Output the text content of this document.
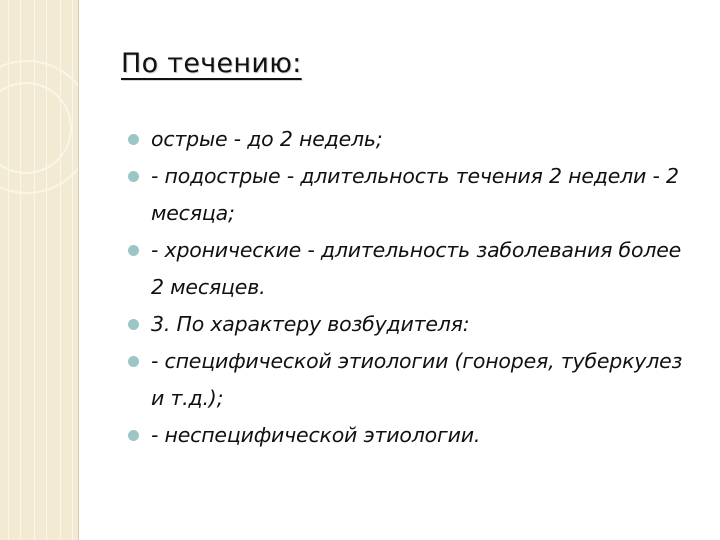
По течению:
острые - до 2 недель;
- подострые - длительность течения 2 недели - 2 месяца;
- хронические - длительность заболевания более 2 месяцев.
3. По характеру возбудителя:
- специфической этиологии (гонорея, туберкулез и т.д.);
- неспецифической этиологии.
